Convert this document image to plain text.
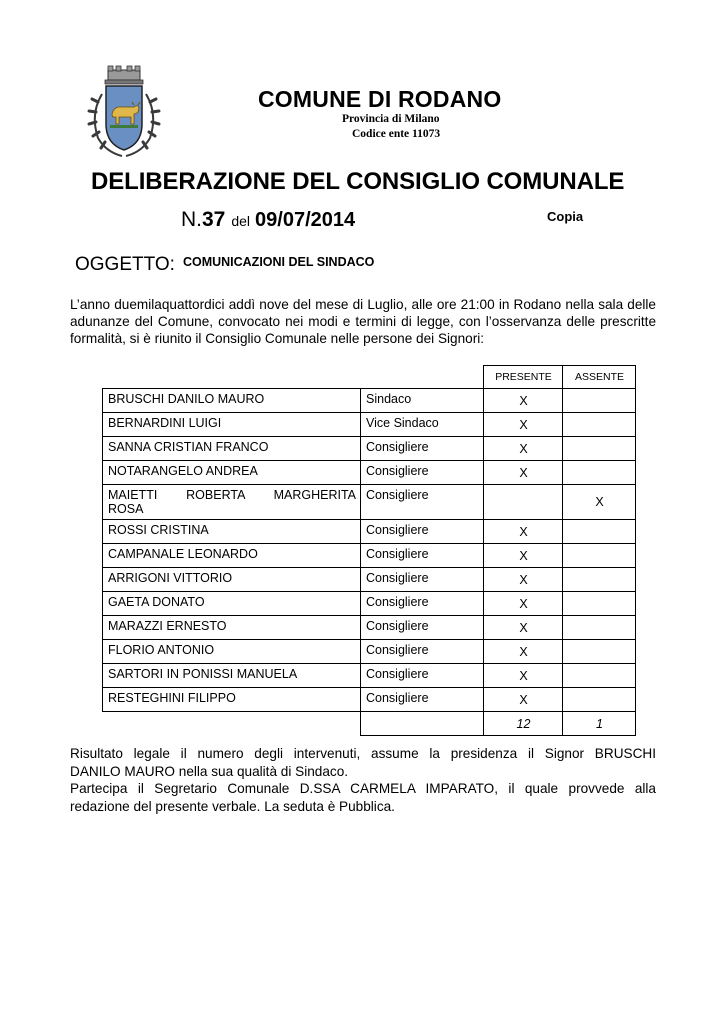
COMUNE DI RODANO
Provincia di Milano
Codice ente 11073
DELIBERAZIONE DEL CONSIGLIO COMUNALE
N.37 del 09/07/2014	Copia
OGGETTO: $^{COMUNICAZIONI DEL SINDACO}$

L’anno duemilaquattordici addì nove del mese di Luglio, alle ore 21:00 in Rodano nella sala delle adunanze del Comune, convocato nei modi e termini di legge, con l’osservanza delle prescritte formalità, si è riunito il Consiglio Comunale nelle persone dei Signori:

		PRESENTE	ASSENTE
BRUSCHI DANILO MAURO	Sindaco	X	
BERNARDINI LUIGI	Vice Sindaco	X	
SANNA CRISTIAN FRANCO	Consigliere	X	
NOTARANGELO ANDREA	Consigliere	X	

MAIETTI ROBERTA MARGHERITA
ROSA	Consigliere		X
ROSSI CRISTINA	Consigliere	X	
CAMPANALE LEONARDO	Consigliere	X	
ARRIGONI VITTORIO	Consigliere	X	
GAETA DONATO	Consigliere	X	
MARAZZI ERNESTO	Consigliere	X	
FLORIO ANTONIO	Consigliere	X	
SARTORI IN PONISSI MANUELA	Consigliere	X	
RESTEGHINI FILIPPO	Consigliere	X	
		12	1

Risultato legale il numero degli intervenuti, assume la presidenza il Signor BRUSCHI
DANILO MAURO nella sua qualità di Sindaco.
Partecipa il Segretario Comunale D.SSA CARMELA IMPARATO, il quale provvede alla
redazione del presente verbale. La seduta è Pubblica.
